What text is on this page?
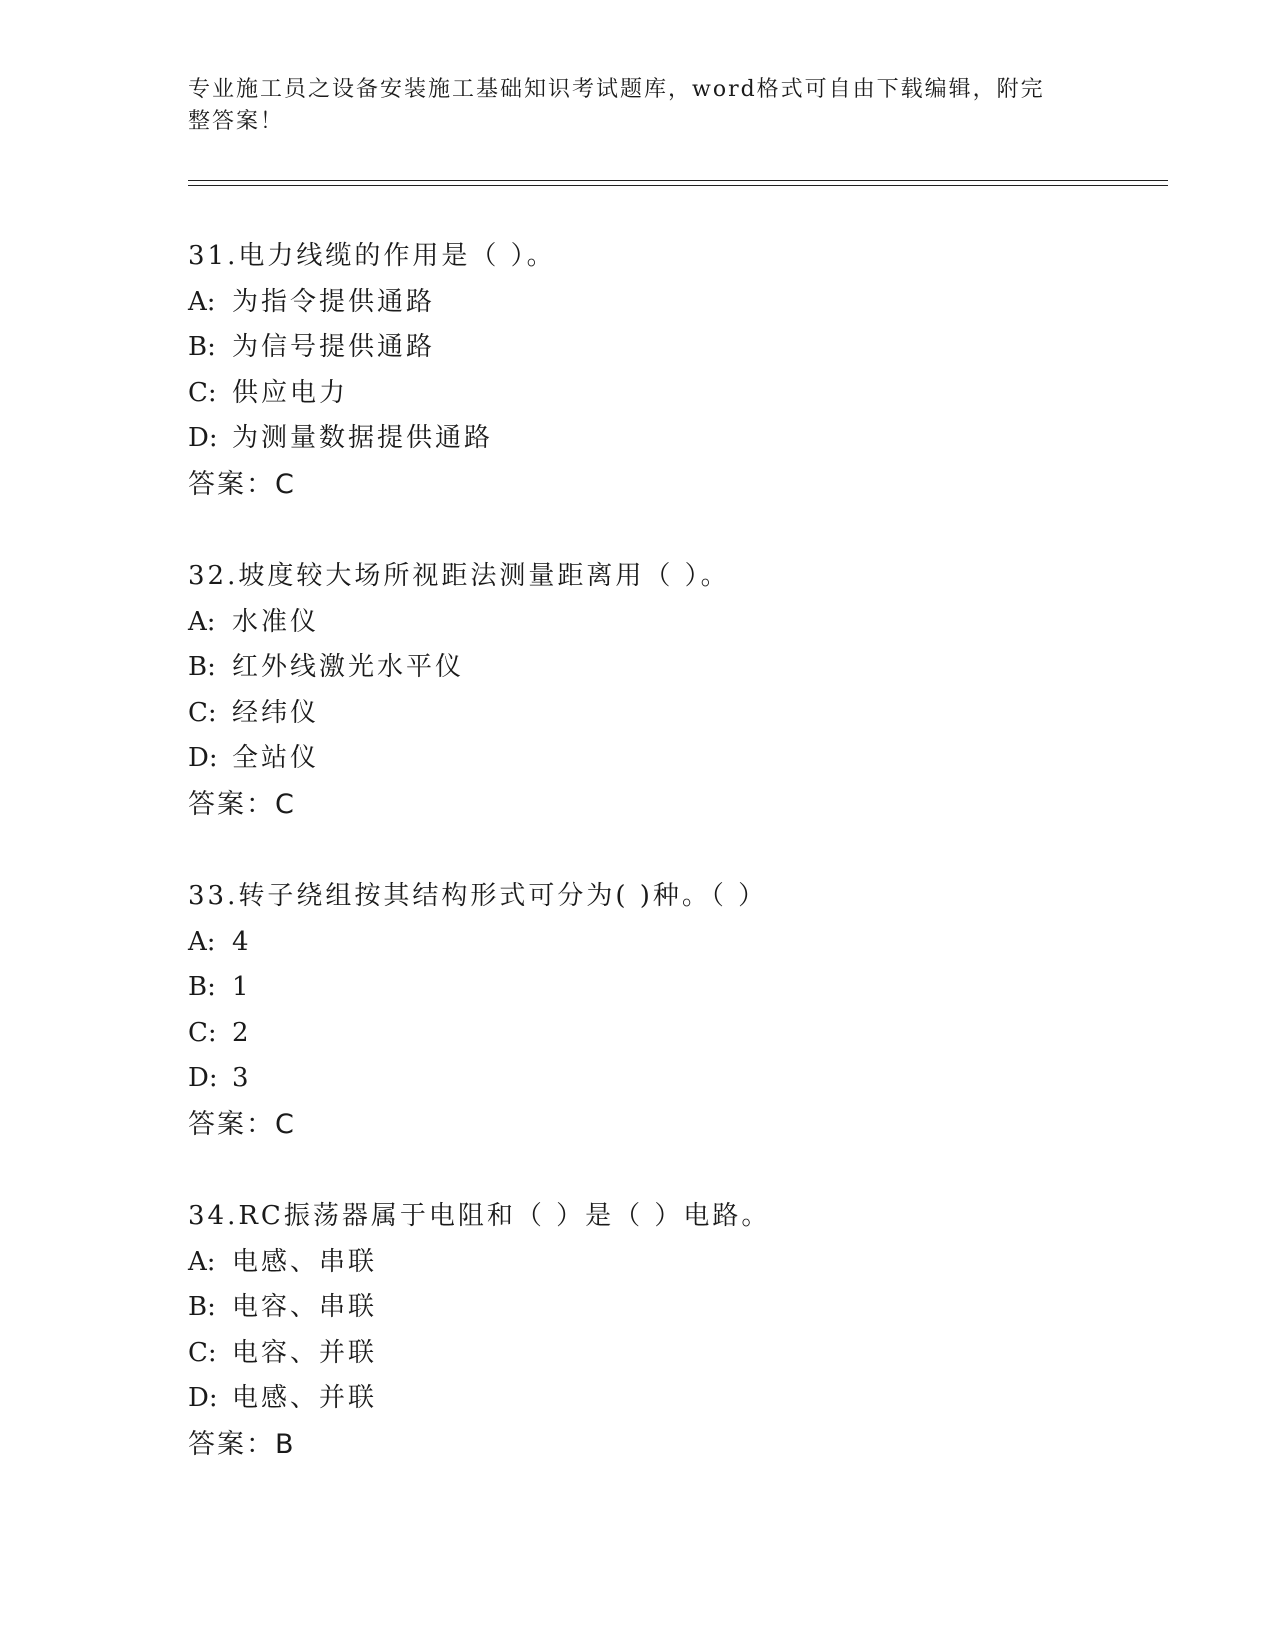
专业施工员之设备安装施工基础知识考试题库，word格式可自由下载编辑，附完
整答案！
31.电力线缆的作用是（ ）。
A: 为指令提供通路
B: 为信号提供通路
C: 供应电力
D: 为测量数据提供通路
答案：C
32.坡度较大场所视距法测量距离用（ ）。
A: 水准仪
B: 红外线激光水平仪
C: 经纬仪
D: 全站仪
答案：C
33.转子绕组按其结构形式可分为( )种。（ ）
A: 4
B: 1
C: 2
D: 3
答案：C
34.RC振荡器属于电阻和（ ）是（ ）电路。
A: 电感、串联
B: 电容、串联
C: 电容、并联
D: 电感、并联
答案：B
